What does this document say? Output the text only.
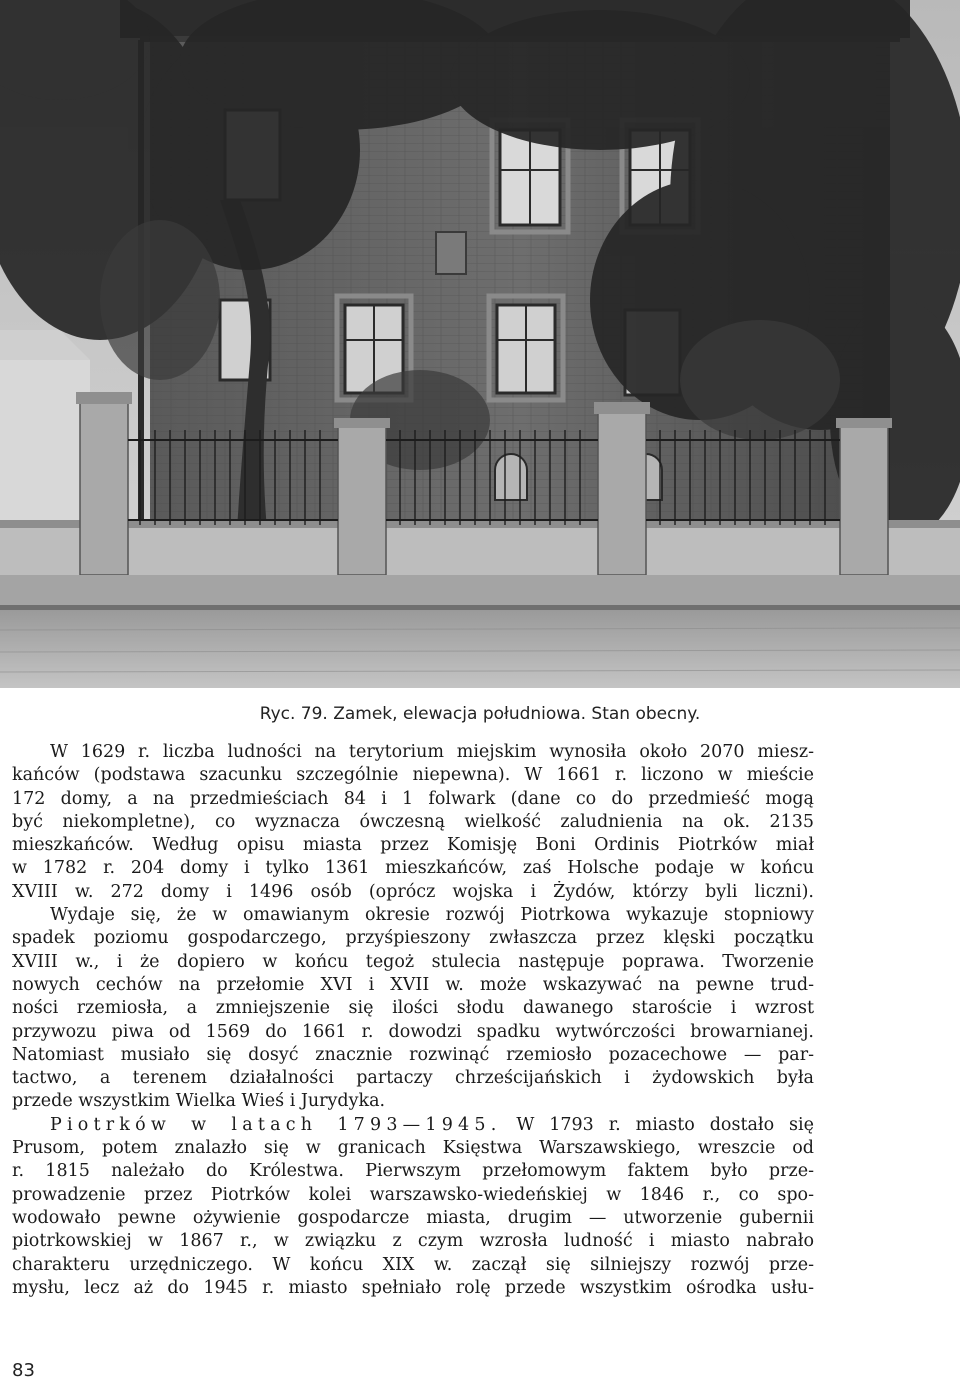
Ryc. 79. Zamek, elewacja południowa. Stan obecny.
W 1629 r. liczba ludności na terytorium miejskim wynosiła około 2070 miesz-
kańców (podstawa szacunku szczególnie niepewna). W 1661 r. liczono w mieście
172 domy, a na przedmieściach 84 i 1 folwark (dane co do przedmieść mogą
być niekompletne), co wyznacza ówczesną wielkość zaludnienia na ok. 2135
mieszkańców. Według opisu miasta przez Komisję Boni Ordinis Piotrków miał
w 1782 r. 204 domy i tylko 1361 mieszkańców, zaś Holsche podaje w końcu
XVIII w. 272 domy i 1496 osób (oprócz wojska i Żydów, którzy byli liczni).
Wydaje się, że w omawianym okresie rozwój Piotrkowa wykazuje stopniowy
spadek poziomu gospodarczego, przyśpieszony zwłaszcza przez klęski początku
XVIII w., i że dopiero w końcu tegoż stulecia następuje poprawa. Tworzenie
nowych cechów na przełomie XVI i XVII w. może wskazywać na pewne trud-
ności rzemiosła, a zmniejszenie się ilości słodu dawanego staroście i wzrost
przywozu piwa od 1569 do 1661 r. dowodzi spadku wytwórczości browarnianej.
Natomiast musiało się dosyć znacznie rozwinąć rzemiosło pozacechowe — par-
tactwo, a terenem działalności partaczy chrześcijańskich i żydowskich była
przede wszystkim Wielka Wieś i Jurydyka.
Piotrków w latach 1793—1945. W 1793 r. miasto dostało się
Prusom, potem znalazło się w granicach Księstwa Warszawskiego, wreszcie od
r. 1815 należało do Królestwa. Pierwszym przełomowym faktem było prze-
prowadzenie przez Piotrków kolei warszawsko-wiedeńskiej w 1846 r., co spo-
wodowało pewne ożywienie gospodarcze miasta, drugim — utworzenie gubernii
piotrkowskiej w 1867 r., w związku z czym wzrosła ludność i miasto nabrało
charakteru urzędniczego. W końcu XIX w. zaczął się silniejszy rozwój prze-
mysłu, lecz aż do 1945 r. miasto spełniało rolę przede wszystkim ośrodka usłu-
83
